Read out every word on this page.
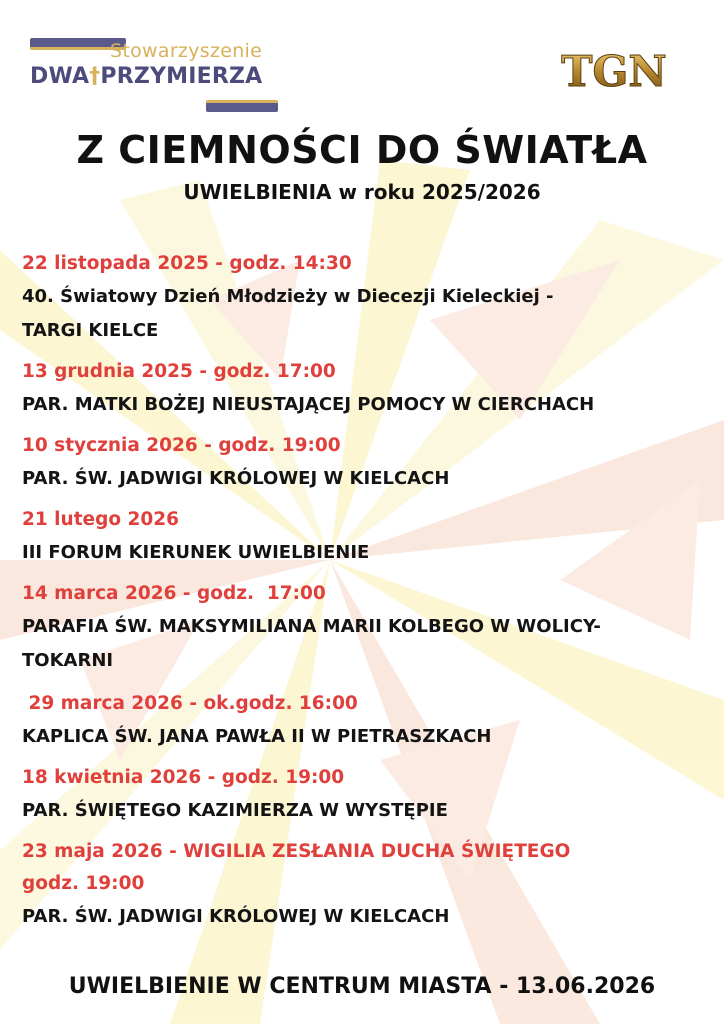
Stowarzyszenie
DWA†PRZYMIERZA	TGN
Z CIEMNOŚCI DO ŚWIATŁA
UWIELBIENIA w roku 2025/2026
22 listopada 2025 - godz. 14:30
40. Światowy Dzień Młodzieży w Diecezji Kieleckiej -
TARGI KIELCE
13 grudnia 2025 - godz. 17:00
PAR. MATKI BOŻEJ NIEUSTAJĄCEJ POMOCY W CIERCHACH
10 stycznia 2026 - godz. 19:00
PAR. ŚW. JADWIGI KRÓLOWEJ W KIELCACH
21 lutego 2026
III FORUM KIERUNEK UWIELBIENIE
14 marca 2026 - godz.  17:00
PARAFIA ŚW. MAKSYMILIANA MARII KOLBEGO W WOLICY-
TOKARNI
29 marca 2026 - ok.godz. 16:00
KAPLICA ŚW. JANA PAWŁA II W PIETRASZKACH
18 kwietnia 2026 - godz. 19:00
PAR. ŚWIĘTEGO KAZIMIERZA W WYSTĘPIE
23 maja 2026 - WIGILIA ZESŁANIA DUCHA ŚWIĘTEGO
godz. 19:00
PAR. ŚW. JADWIGI KRÓLOWEJ W KIELCACH
UWIELBIENIE W CENTRUM MIASTA - 13.06.2026
